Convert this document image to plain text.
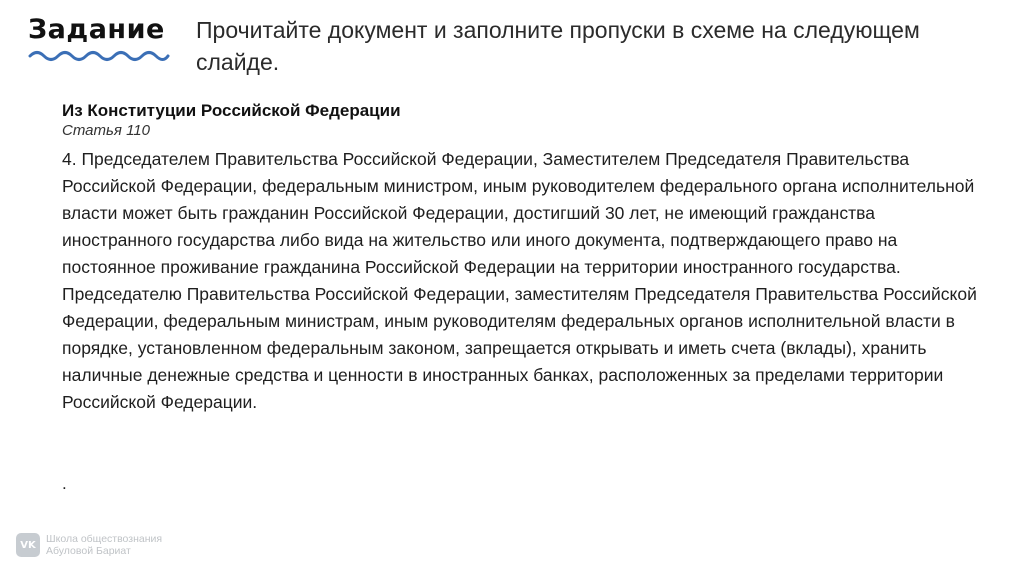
Задание Прочитайте документ и заполните пропуски в схеме на следующем слайде.
Из Конституции Российской Федерации
Статья 110

4. Председателем Правительства Российской Федерации, Заместителем Председателя Правительства Российской Федерации, федеральным министром, иным руководителем федерального органа исполнительной власти может быть гражданин Российской Федерации, достигший 30 лет, не имеющий гражданства иностранного государства либо вида на жительство или иного документа, подтверждающего право на постоянное проживание гражданина Российской Федерации на территории иностранного государства. Председателю Правительства Российской Федерации, заместителям Председателя Правительства Российской Федерации, федеральным министрам, иным руководителям федеральных органов исполнительной власти в порядке, установленном федеральным законом, запрещается открывать и иметь счета (вклады), хранить наличные денежные средства и ценности в иностранных банках, расположенных за пределами территории Российской Федерации.

.
VK Школа обществознания
Абуловой Бариат
